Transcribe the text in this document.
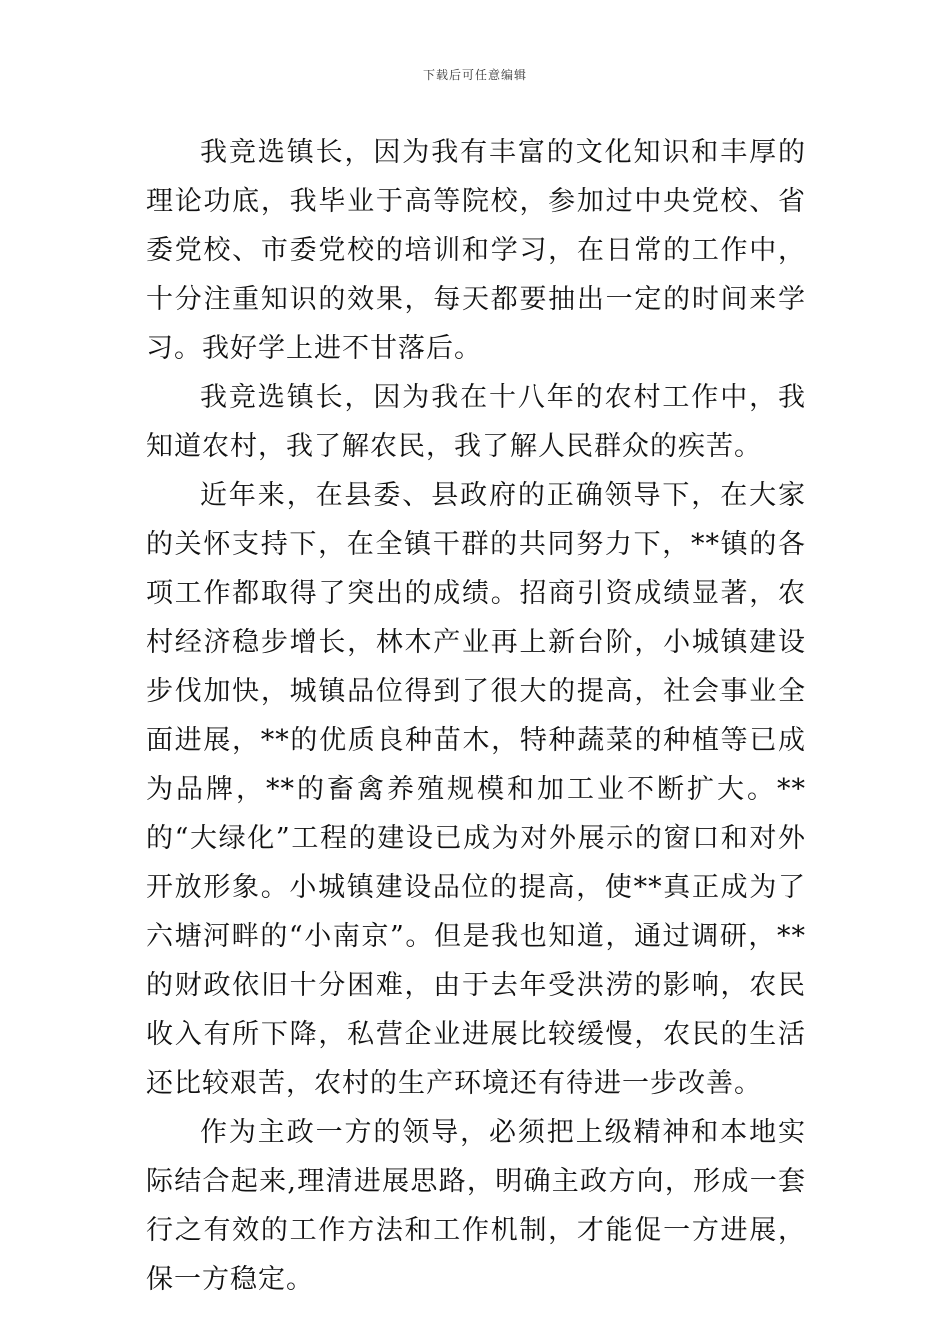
下载后可任意编辑

我竞选镇长，因为我有丰富的文化知识和丰厚的理论功底，我毕业于高等院校，参加过中央党校、省委党校、市委党校的培训和学习，在日常的工作中，十分注重知识的效果，每天都要抽出一定的时间来学习。我好学上进不甘落后。

我竞选镇长，因为我在十八年的农村工作中，我知道农村，我了解农民，我了解人民群众的疾苦。

近年来，在县委、县政府的正确领导下，在大家的关怀支持下，在全镇干群的共同努力下，**镇的各项工作都取得了突出的成绩。招商引资成绩显著，农村经济稳步增长，林木产业再上新台阶，小城镇建设步伐加快，城镇品位得到了很大的提高，社会事业全面进展，**的优质良种苗木，特种蔬菜的种植等已成为品牌，**的畜禽养殖规模和加工业不断扩大。**的“大绿化”工程的建设已成为对外展示的窗口和对外开放形象。小城镇建设品位的提高，使**真正成为了六塘河畔的“小南京”。但是我也知道，通过调研，**的财政依旧十分困难，由于去年受洪涝的影响，农民收入有所下降，私营企业进展比较缓慢，农民的生活还比较艰苦，农村的生产环境还有待进一步改善。

作为主政一方的领导，必须把上级精神和本地实际结合起来,理清进展思路，明确主政方向，形成一套行之有效的工作方法和工作机制，才能促一方进展，保一方稳定。
